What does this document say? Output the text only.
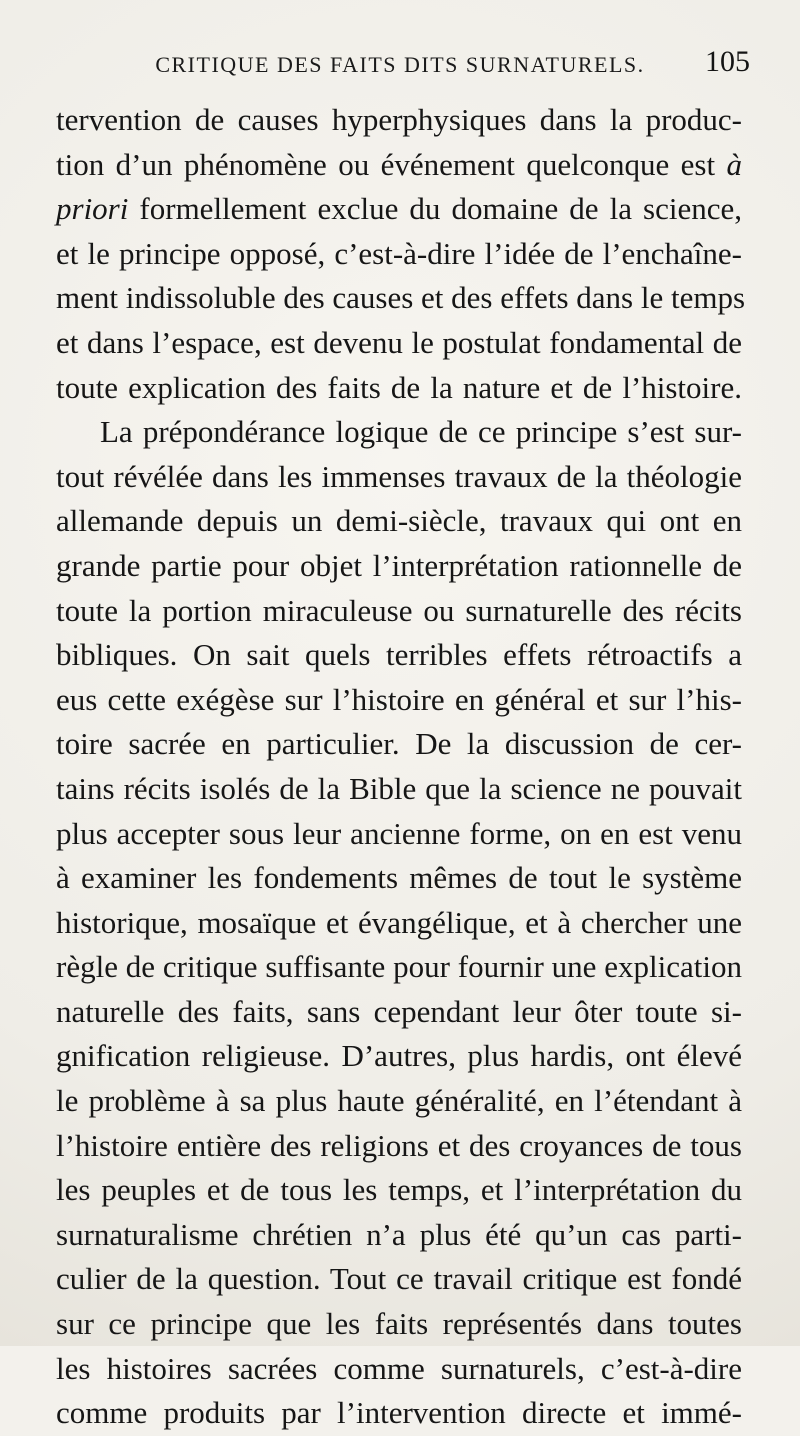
CRITIQUE DES FAITS DITS SURNATURELS.	105
tervention de causes hyperphysiques dans la produc-
tion d’un phénomène ou événement quelconque est à
priori formellement exclue du domaine de la science,
et le principe opposé, c’est-à-dire l’idée de l’enchaîne-
ment indissoluble des causes et des effets dans le temps
et dans l’espace, est devenu le postulat fondamental de
toute explication des faits de la nature et de l’histoire.
La prépondérance logique de ce principe s’est sur-
tout révélée dans les immenses travaux de la théologie
allemande depuis un demi-siècle, travaux qui ont en
grande partie pour objet l’interprétation rationnelle de
toute la portion miraculeuse ou surnaturelle des récits
bibliques. On sait quels terribles effets rétroactifs a
eus cette exégèse sur l’histoire en général et sur l’his-
toire sacrée en particulier. De la discussion de cer-
tains récits isolés de la Bible que la science ne pouvait
plus accepter sous leur ancienne forme, on en est venu
à examiner les fondements mêmes de tout le système
historique, mosaïque et évangélique, et à chercher une
règle de critique suffisante pour fournir une explication
naturelle des faits, sans cependant leur ôter toute si-
gnification religieuse. D’autres, plus hardis, ont élevé
le problème à sa plus haute généralité, en l’étendant à
l’histoire entière des religions et des croyances de tous
les peuples et de tous les temps, et l’interprétation du
surnaturalisme chrétien n’a plus été qu’un cas parti-
culier de la question. Tout ce travail critique est fondé
sur ce principe que les faits représentés dans toutes
les histoires sacrées comme surnaturels, c’est-à-dire
comme produits par l’intervention directe et immé-
